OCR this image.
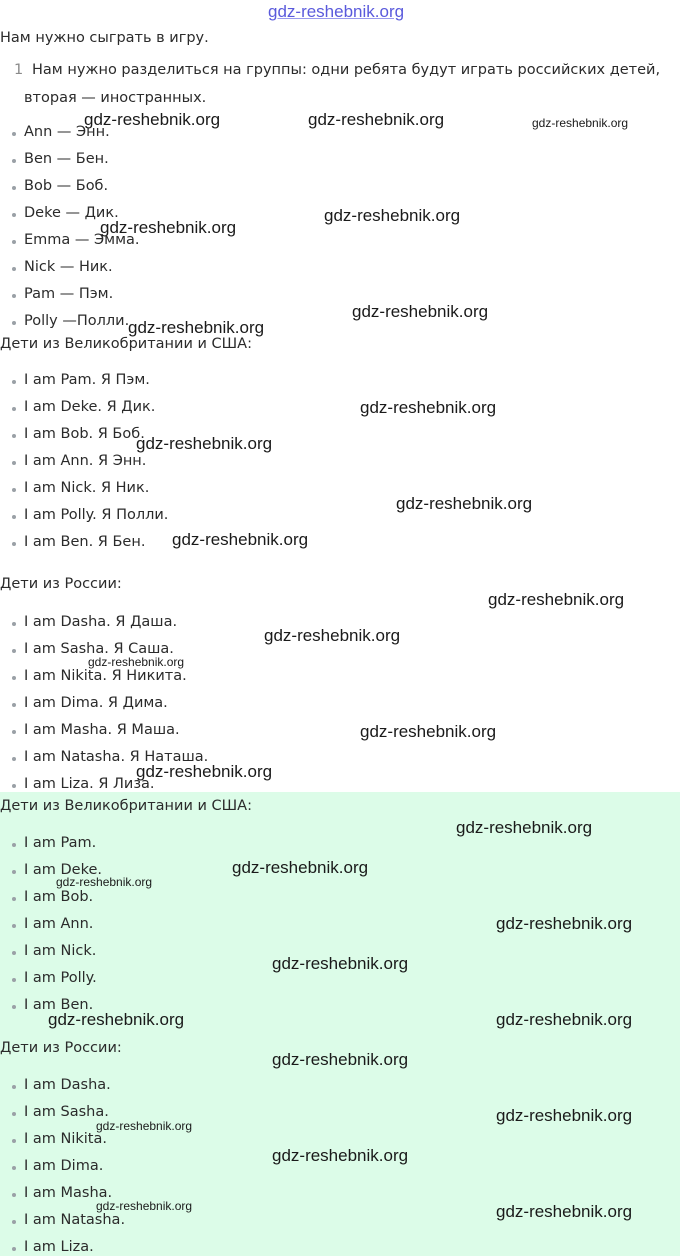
gdz-reshebnik.org
Нам нужно сыграть в игру.
1 Нам нужно разделиться на группы: одни ребята будут играть российских детей,
вторая — иностранных.
Ann — Энн.
Ben — Бен.
Bob — Боб.
Deke — Дик.
Emma — Эмма.
Nick — Ник.
Pam — Пэм.
Polly —Полли.
Дети из Великобритании и США:
I am Pam. Я Пэм.
I am Deke. Я Дик.
I am Bob. Я Боб.
I am Ann. Я Энн.
I am Nick. Я Ник.
I am Polly. Я Полли.
I am Ben. Я Бен.
Дети из России:
I am Dasha. Я Даша.
I am Sasha. Я Саша.
I am Nikita. Я Никита.
I am Dima. Я Дима.
I am Masha. Я Маша.
I am Natasha. Я Наташа.
I am Liza. Я Лиза.
Дети из Великобритании и США:
I am Pam.
I am Deke.
I am Bob.
I am Ann.
I am Nick.
I am Polly.
I am Ben.
Дети из России:
I am Dasha.
I am Sasha.
I am Nikita.
I am Dima.
I am Masha.
I am Natasha.
I am Liza.
gdz-reshebnik.org	gdz-reshebnik.org	gdz-reshebnik.org
gdz-reshebnik.org
gdz-reshebnik.org
gdz-reshebnik.org
gdz-reshebnik.org
gdz-reshebnik.org
gdz-reshebnik.org
gdz-reshebnik.org
gdz-reshebnik.org
gdz-reshebnik.org
gdz-reshebnik.org
gdz-reshebnik.org
gdz-reshebnik.org
gdz-reshebnik.org
gdz-reshebnik.org
gdz-reshebnik.org
gdz-reshebnik.org
gdz-reshebnik.org
gdz-reshebnik.org
gdz-reshebnik.org	gdz-reshebnik.org
gdz-reshebnik.org
gdz-reshebnik.org
gdz-reshebnik.org
gdz-reshebnik.org
gdz-reshebnik.org
gdz-reshebnik.org
